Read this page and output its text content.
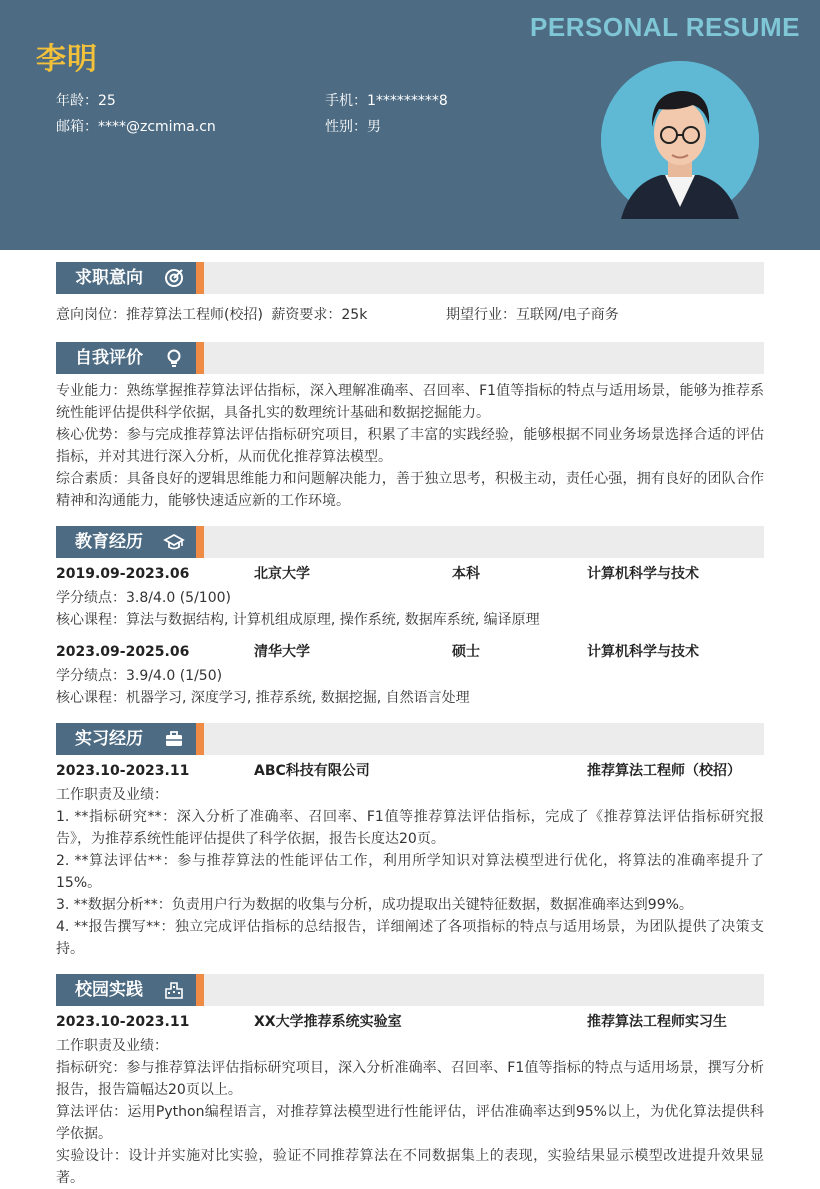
PERSONAL RESUME
李明
年龄：25	手机：1*********8
邮箱：****@zcmima.cn	性别：男
求职意向
意向岗位：推荐算法工程师(校招) 薪资要求：25k	期望行业：互联网/电子商务
自我评价
专业能力：熟练掌握推荐算法评估指标，深入理解准确率、召回率、F1值等指标的特点与适用场景，能够为推荐系统性能评估提供科学依据，具备扎实的数理统计基础和数据挖掘能力。
核心优势：参与完成推荐算法评估指标研究项目，积累了丰富的实践经验，能够根据不同业务场景选择合适的评估指标，并对其进行深入分析，从而优化推荐算法模型。
综合素质：具备良好的逻辑思维能力和问题解决能力，善于独立思考，积极主动，责任心强，拥有良好的团队合作精神和沟通能力，能够快速适应新的工作环境。
教育经历
2019.09-2023.06	北京大学	本科	计算机科学与技术
学分绩点：3.8/4.0 (5/100)
核心课程：算法与数据结构, 计算机组成原理, 操作系统, 数据库系统, 编译原理
2023.09-2025.06	清华大学	硕士	计算机科学与技术
学分绩点：3.9/4.0 (1/50)
核心课程：机器学习, 深度学习, 推荐系统, 数据挖掘, 自然语言处理
实习经历
2023.10-2023.11	ABC科技有限公司	推荐算法工程师（校招）
工作职责及业绩：
1. **指标研究**：深入分析了准确率、召回率、F1值等推荐算法评估指标，完成了《推荐算法评估指标研究报告》，为推荐系统性能评估提供了科学依据，报告长度达20页。
2. **算法评估**：参与推荐算法的性能评估工作，利用所学知识对算法模型进行优化，将算法的准确率提升了15%。
3. **数据分析**：负责用户行为数据的收集与分析，成功提取出关键特征数据，数据准确率达到99%。
4. **报告撰写**：独立完成评估指标的总结报告，详细阐述了各项指标的特点与适用场景，为团队提供了决策支持。
校园实践
2023.10-2023.11	XX大学推荐系统实验室	推荐算法工程师实习生
工作职责及业绩：
指标研究：参与推荐算法评估指标研究项目，深入分析准确率、召回率、F1值等指标的特点与适用场景，撰写分析报告，报告篇幅达20页以上。
算法评估：运用Python编程语言，对推荐算法模型进行性能评估，评估准确率达到95%以上，为优化算法提供科学依据。
实验设计：设计并实施对比实验，验证不同推荐算法在不同数据集上的表现，实验结果显示模型改进提升效果显著。
